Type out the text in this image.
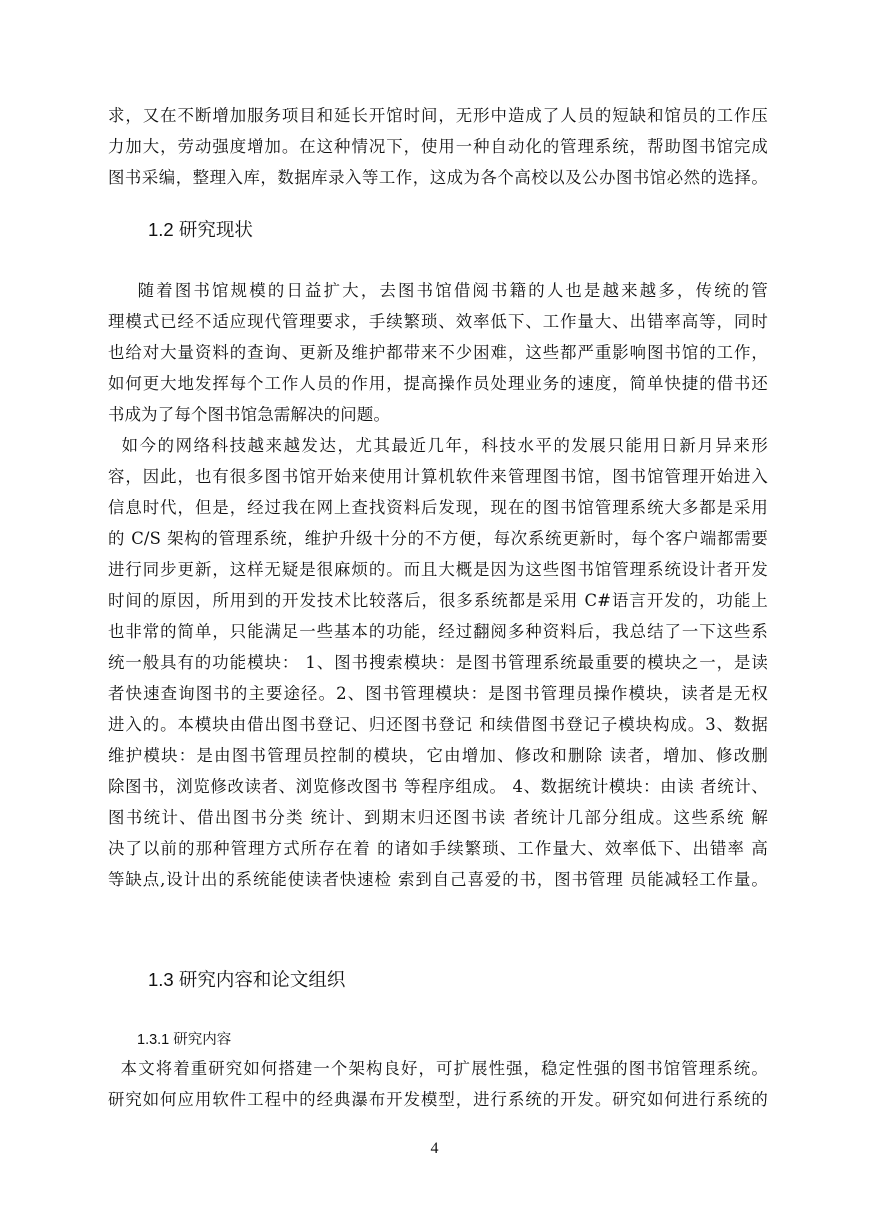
求，又在不断增加服务项目和延长开馆时间，无形中造成了人员的短缺和馆员的工作压
力加大，劳动强度增加。在这种情况下，使用一种自动化的管理系统，帮助图书馆完成
图书采编，整理入库，数据库录入等工作，这成为各个高校以及公办图书馆必然的选择。
1.2 研究现状
随着图书馆规模的日益扩大，去图书馆借阅书籍的人也是越来越多，传统的管
理模式已经不适应现代管理要求，手续繁琐、效率低下、工作量大、出错率高等，同时
也给对大量资料的查询、更新及维护都带来不少困难，这些都严重影响图书馆的工作，
如何更大地发挥每个工作人员的作用，提高操作员处理业务的速度，简单快捷的借书还
书成为了每个图书馆急需解决的问题。
如今的网络科技越来越发达，尤其最近几年，科技水平的发展只能用日新月异来形
容，因此，也有很多图书馆开始来使用计算机软件来管理图书馆，图书馆管理开始进入
信息时代，但是，经过我在网上查找资料后发现，现在的图书馆管理系统大多都是采用
的 C/S 架构的管理系统，维护升级十分的不方便，每次系统更新时，每个客户端都需要
进行同步更新，这样无疑是很麻烦的。而且大概是因为这些图书馆管理系统设计者开发
时间的原因，所用到的开发技术比较落后，很多系统都是采用 C#语言开发的，功能上
也非常的简单，只能满足一些基本的功能，经过翻阅多种资料后，我总结了一下这些系
统一般具有的功能模块： 1、图书搜索模块：是图书管理系统最重要的模块之一，是读
者快速查询图书的主要途径。2、图书管理模块：是图书管理员操作模块，读者是无权
进入的。本模块由借出图书登记、归还图书登记 和续借图书登记子模块构成。3、数据
维护模块：是由图书管理员控制的模块，它由增加、修改和删除 读者，增加、修改删
除图书，浏览修改读者、浏览修改图书 等程序组成。 4、数据统计模块：由读 者统计、
图书统计、借出图书分类 统计、到期末归还图书读 者统计几部分组成。这些系统 解
决了以前的那种管理方式所存在着 的诸如手续繁琐、工作量大、效率低下、出错率 高
等缺点,设计出的系统能使读者快速检 索到自己喜爱的书，图书管理 员能减轻工作量。
1.3 研究内容和论文组织
1.3.1 研究内容
本文将着重研究如何搭建一个架构良好，可扩展性强，稳定性强的图书馆管理系统。
研究如何应用软件工程中的经典瀑布开发模型，进行系统的开发。研究如何进行系统的
4
